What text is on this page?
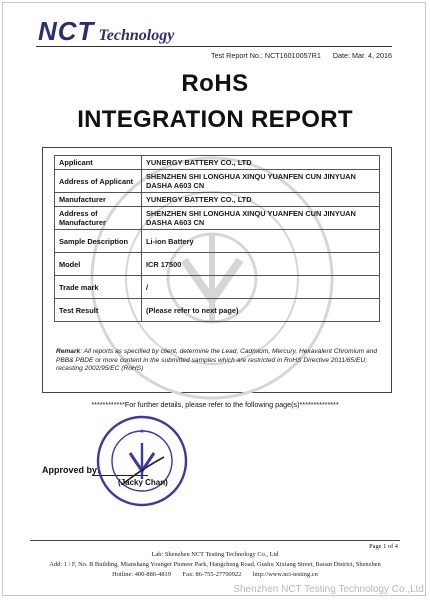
NCT Technology
Test Report No.: NCT16010057R1 Date: Mar. 4, 2016
RoHS
INTEGRATION REPORT
Applicant	YUNERGY BATTERY CO., LTD
Address of Applicant	SHENZHEN SHI LONGHUA XINQU YUANFEN CUN JINYUAN DASHA A603 CN
Manufacturer	YUNERGY BATTERY CO., LTD
Address of Manufacturer	SHENZHEN SHI LONGHUA XINQU YUANFEN CUN JINYUAN DASHA A603 CN
Sample Description	Li-ion Battery
Model	ICR 17500
Trade mark	/
Test Result	(Please refer to next page)
Remark: All reports as specified by client, determine the Lead, Cadmium, Mercury, Hexavalent Chromium and PBB& PBDE or more content in the submitted samples which are restricted in RoHS Directive 2011/65/EU; recasting 2002/95/EC (RoHS)
************For further details, please refer to the following page(s)**************
Approved by:
★
(Jacky Chan)
Page 1 of 4
Lab: Shenzhen NCT Testing Technology Co., Ltd
Add: 1 / F, No. B Building, Mianshang Younger Pioneer Park, Hangcheng Road, Gushu Xixiang Street, Baoan District, Shenzhen
Hotline: 400-886-4819 Fax: 86-755-27790922 http://www.nct-testing.cn
Shenzhen NCT Testing Technology Co.,Ltd
